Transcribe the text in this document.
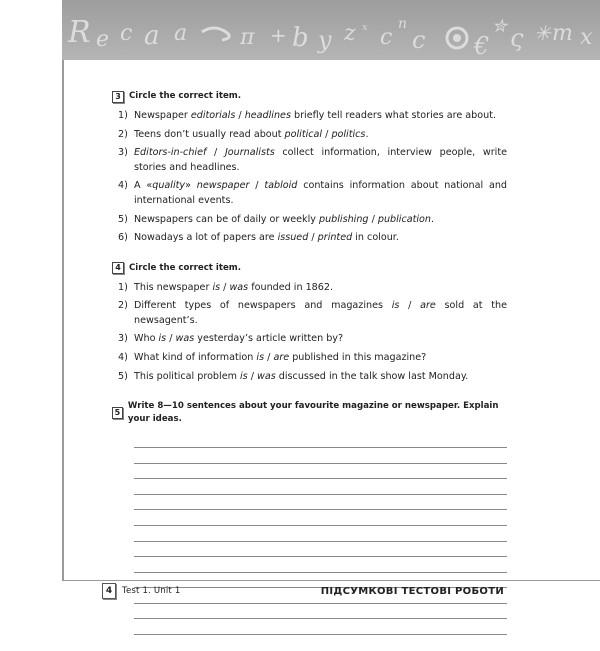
R e c a a π + b y z ₓ
c
n
c €
✮ ς ✳ m x
3 Circle the correct item.
1) Newspaper editorials / headlines briefly tell readers what stories are about.
2) Teens don’t usually read about political / politics.
3) Editors-in-chief / Journalists collect information, interview people, write stories and headlines.
4) A «quality» newspaper / tabloid contains information about national and international events.
5) Newspapers can be of daily or weekly publishing / publication.
6) Nowadays a lot of papers are issued / printed in colour.
4 Circle the correct item.
1) This newspaper is / was founded in 1862.
2) Different types of newspapers and magazines is / are sold at the newsagent’s.
3) Who is / was yesterday’s article written by?
4) What kind of information is / are published in this magazine?
5) This political problem is / was discussed in the talk show last Monday.
5
Write 8—10 sentences about your favourite magazine or newspaper. Explain your ideas.
4	Test 1. Unit 1	ПІДСУМКОВІ ТЕСТОВІ РОБОТИ
